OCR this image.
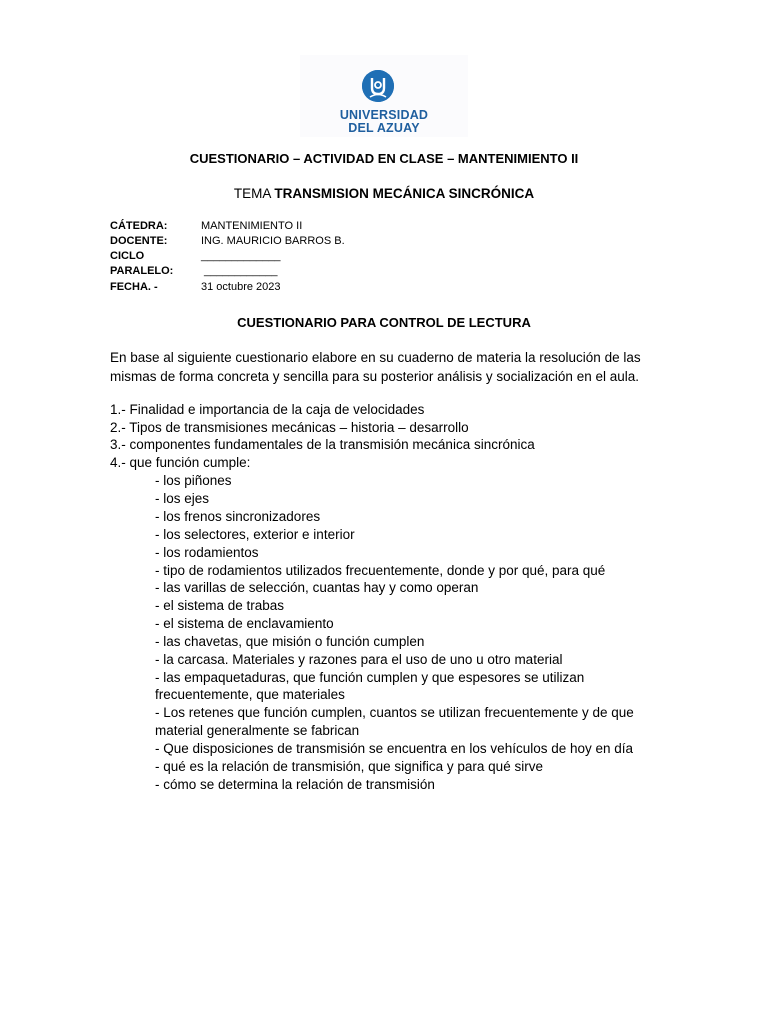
UNIVERSIDAD
DEL AZUAY
CUESTIONARIO – ACTIVIDAD EN CLASE – MANTENIMIENTO II
TEMA TRANSMISION MECÁNICA SINCRÓNICA
CÁTEDRA:	MANTENIMIENTO II
DOCENTE:	ING. MAURICIO BARROS B.
CICLO	_____________
PARALELO:	____________
FECHA. -	31 octubre 2023
CUESTIONARIO PARA CONTROL DE LECTURA
En base al siguiente cuestionario elabore en su cuaderno de materia la resolución de las mismas de forma concreta y sencilla para su posterior análisis y socialización en el aula.
1.- Finalidad e importancia de la caja de velocidades
2.- Tipos de transmisiones mecánicas – historia – desarrollo
3.- componentes fundamentales de la transmisión mecánica sincrónica
4.- que función cumple:
- los piñones
- los ejes
- los frenos sincronizadores
- los selectores, exterior e interior
- los rodamientos
- tipo de rodamientos utilizados frecuentemente, donde y por qué, para qué
- las varillas de selección, cuantas hay y como operan
- el sistema de trabas
- el sistema de enclavamiento
- las chavetas, que misión o función cumplen
- la carcasa. Materiales y razones para el uso de uno u otro material
- las empaquetaduras, que función cumplen y que espesores se utilizan
frecuentemente, que materiales
- Los retenes que función cumplen, cuantos se utilizan frecuentemente y de que
material generalmente se fabrican
- Que disposiciones de transmisión se encuentra en los vehículos de hoy en día
- qué es la relación de transmisión, que significa y para qué sirve
- cómo se determina la relación de transmisión
